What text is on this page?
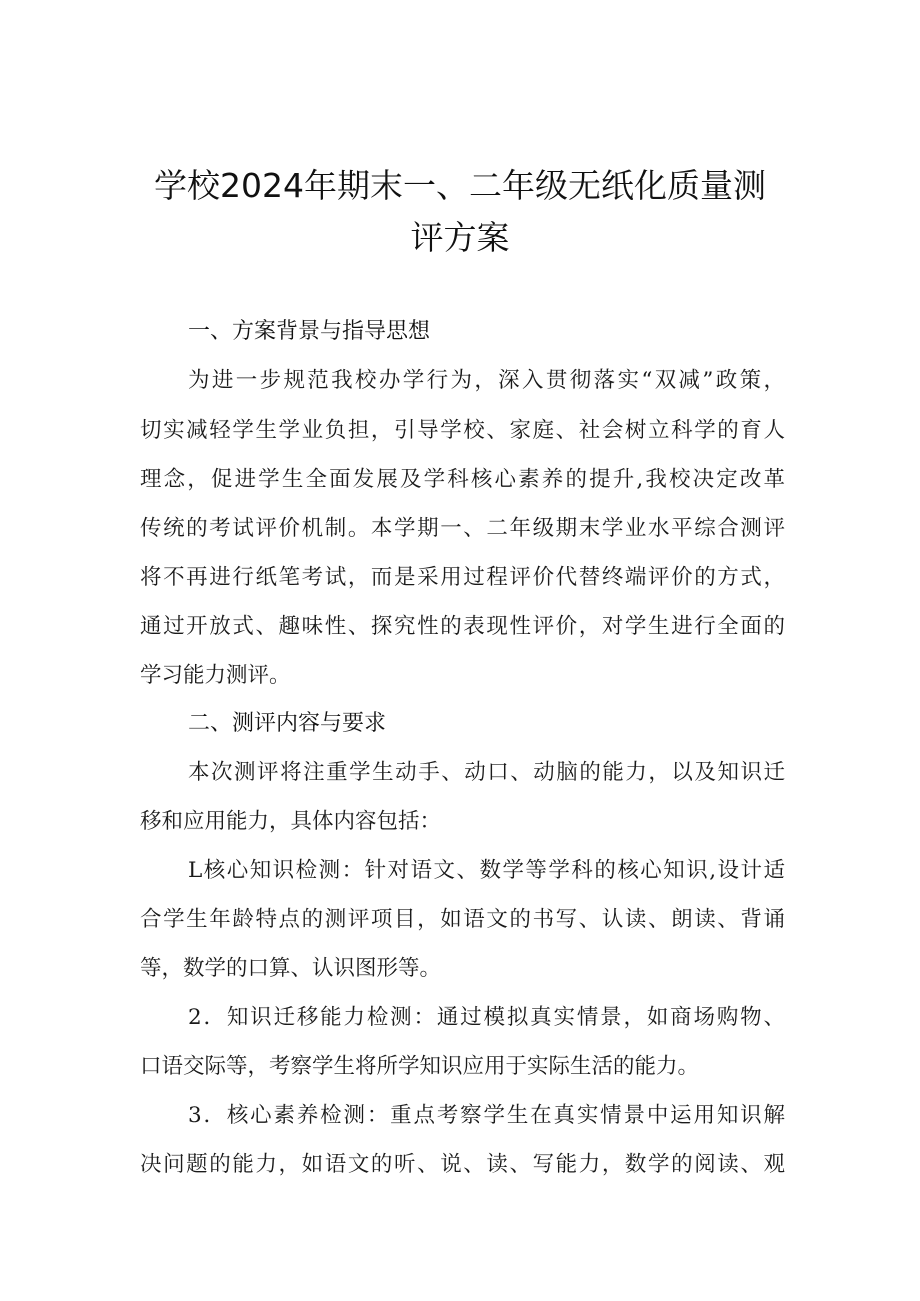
学校2024年期末一、二年级无纸化质量测
评方案
一、方案背景与指导思想
为进一步规范我校办学行为，深入贯彻落实“双减”政策，
切实减轻学生学业负担，引导学校、家庭、社会树立科学的育人
理念，促进学生全面发展及学科核心素养的提升,我校决定改革
传统的考试评价机制。本学期一、二年级期末学业水平综合测评
将不再进行纸笔考试，而是采用过程评价代替终端评价的方式，
通过开放式、趣味性、探究性的表现性评价，对学生进行全面的
学习能力测评。
二、测评内容与要求
本次测评将注重学生动手、动口、动脑的能力，以及知识迁
移和应用能力，具体内容包括：
L核心知识检测：针对语文、数学等学科的核心知识,设计适
合学生年龄特点的测评项目，如语文的书写、认读、朗读、背诵
等，数学的口算、认识图形等。
2．知识迁移能力检测：通过模拟真实情景，如商场购物、
口语交际等，考察学生将所学知识应用于实际生活的能力。
3．核心素养检测：重点考察学生在真实情景中运用知识解
决问题的能力，如语文的听、说、读、写能力，数学的阅读、观
